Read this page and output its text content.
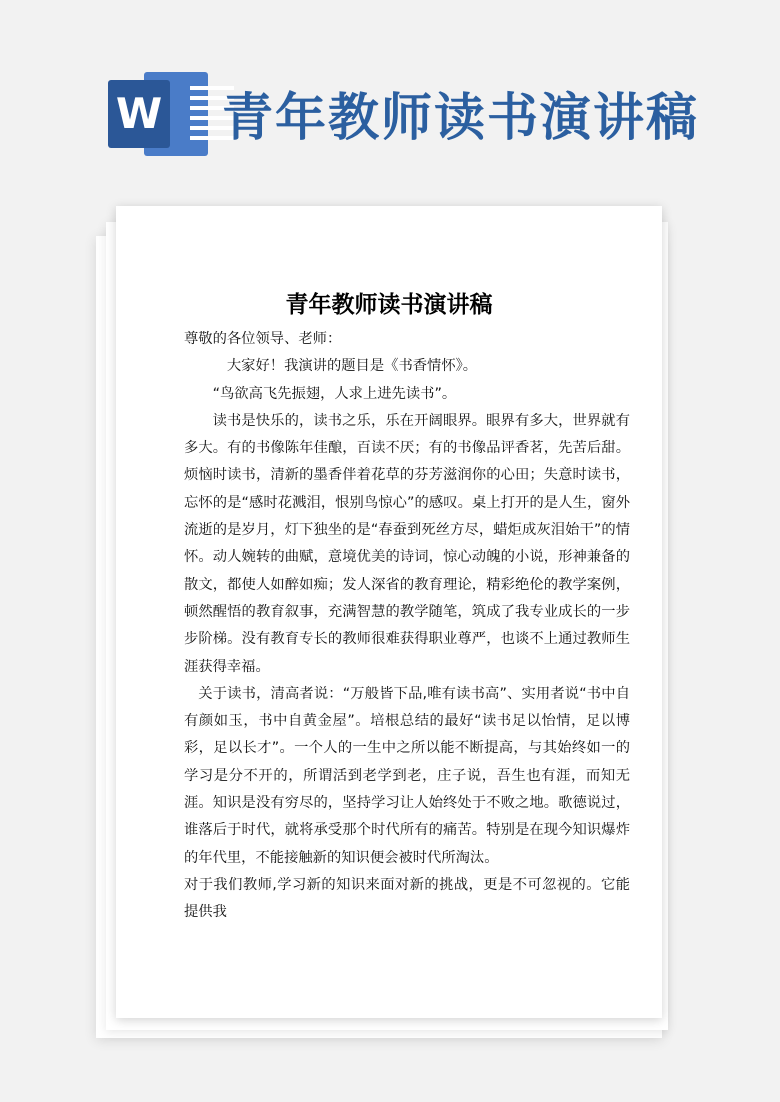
W 青年教师读书演讲稿
青年教师读书演讲稿

尊敬的各位领导、老师：

大家好！我演讲的题目是《书香情怀》。

“鸟欲高飞先振翅，人求上进先读书”。

读书是快乐的，读书之乐，乐在开阔眼界。眼界有多大，世界就有多大。有的书像陈年佳酿，百读不厌；有的书像品评香茗，先苦后甜。烦恼时读书，清新的墨香伴着花草的芬芳滋润你的心田；失意时读书，忘怀的是“感时花溅泪，恨别鸟惊心”的感叹。桌上打开的是人生，窗外流逝的是岁月，灯下独坐的是“春蚕到死丝方尽，蜡炬成灰泪始干”的情怀。动人婉转的曲赋，意境优美的诗词，惊心动魄的小说，形神兼备的散文，都使人如醉如痴；发人深省的教育理论，精彩绝伦的教学案例，顿然醒悟的教育叙事，充满智慧的教学随笔，筑成了我专业成长的一步步阶梯。没有教育专长的教师很难获得职业尊严，也谈不上通过教师生涯获得幸福。

关于读书，清高者说：“万般皆下品,唯有读书高”、实用者说“书中自有颜如玉，书中自黄金屋”。培根总结的最好“读书足以怡情，足以博彩，足以长才”。一个人的一生中之所以能不断提高，与其始终如一的学习是分不开的，所谓活到老学到老，庄子说，吾生也有涯，而知无涯。知识是没有穷尽的，坚持学习让人始终处于不败之地。歌德说过，谁落后于时代，就将承受那个时代所有的痛苦。特别是在现今知识爆炸的年代里，不能接触新的知识便会被时代所淘汰。

对于我们教师,学习新的知识来面对新的挑战，更是不可忽视的。它能提供我
